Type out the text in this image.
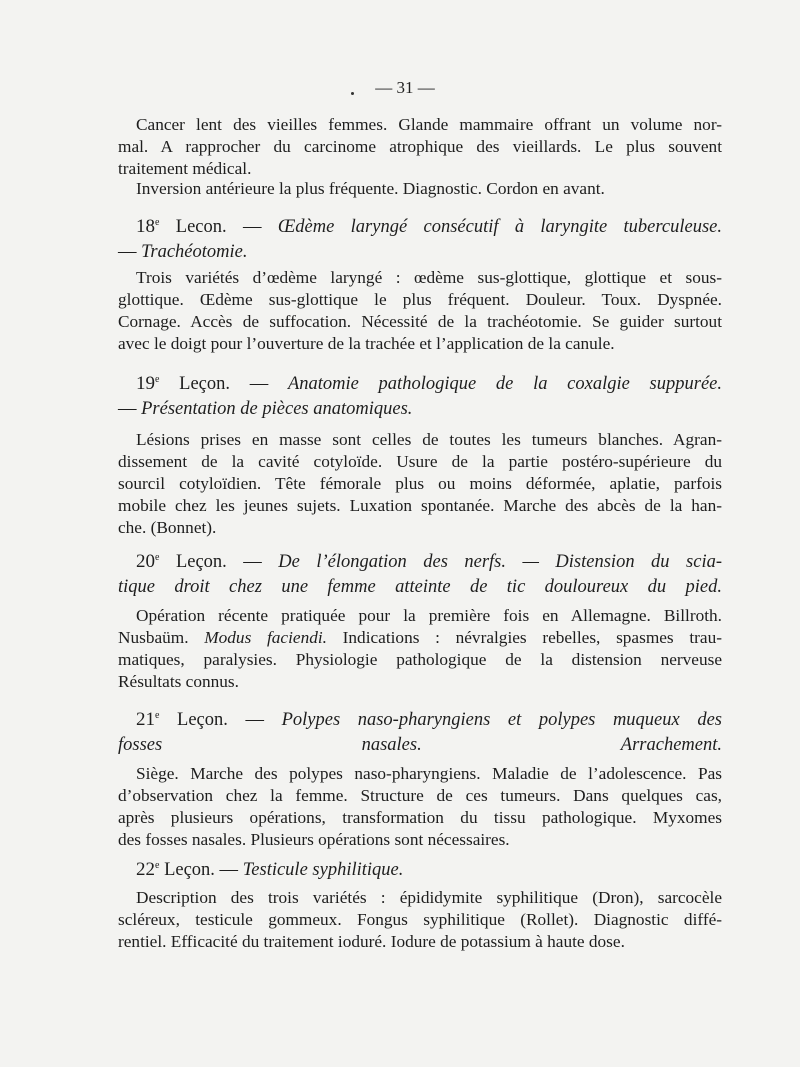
— 31 —
Cancer lent des vieilles femmes. Glande mammaire offrant un volume nor-
mal. A rapprocher du carcinome atrophique des vieillards. Le plus souvent
traitement médical.
Inversion antérieure la plus fréquente. Diagnostic. Cordon en avant.
18e Lecon. — Œdème laryngé consécutif à laryngite tuberculeuse.
— Trachéotomie.
Trois variétés d’œdème laryngé : œdème sus-glottique, glottique et sous-
glottique. Œdème sus-glottique le plus fréquent. Douleur. Toux. Dyspnée.
Cornage. Accès de suffocation. Nécessité de la trachéotomie. Se guider surtout
avec le doigt pour l’ouverture de la trachée et l’application de la canule.
19e Leçon. — Anatomie pathologique de la coxalgie suppurée.
— Présentation de pièces anatomiques.
Lésions prises en masse sont celles de toutes les tumeurs blanches. Agran-
dissement de la cavité cotyloïde. Usure de la partie postéro-supérieure du
sourcil cotyloïdien. Tête fémorale plus ou moins déformée, aplatie, parfois
mobile chez les jeunes sujets. Luxation spontanée. Marche des abcès de la han-
che. (Bonnet).
20e Leçon. — De l’élongation des nerfs. — Distension du scia-
tique droit chez une femme atteinte de tic douloureux du pied.
Opération récente pratiquée pour la première fois en Allemagne. Billroth.
Nusbaüm. Modus faciendi. Indications : névralgies rebelles, spasmes trau-
matiques, paralysies. Physiologie pathologique de la distension nerveuse
Résultats connus.
21e Leçon. — Polypes naso-pharyngiens et polypes muqueux des
fosses nasales. Arrachement.
Siège. Marche des polypes naso-pharyngiens. Maladie de l’adolescence. Pas
d’observation chez la femme. Structure de ces tumeurs. Dans quelques cas,
après plusieurs opérations, transformation du tissu pathologique. Myxomes
des fosses nasales. Plusieurs opérations sont nécessaires.
22e Leçon. — Testicule syphilitique.
Description des trois variétés : épididymite syphilitique (Dron), sarcocèle
scléreux, testicule gommeux. Fongus syphilitique (Rollet). Diagnostic diffé-
rentiel. Efficacité du traitement ioduré. Iodure de potassium à haute dose.
